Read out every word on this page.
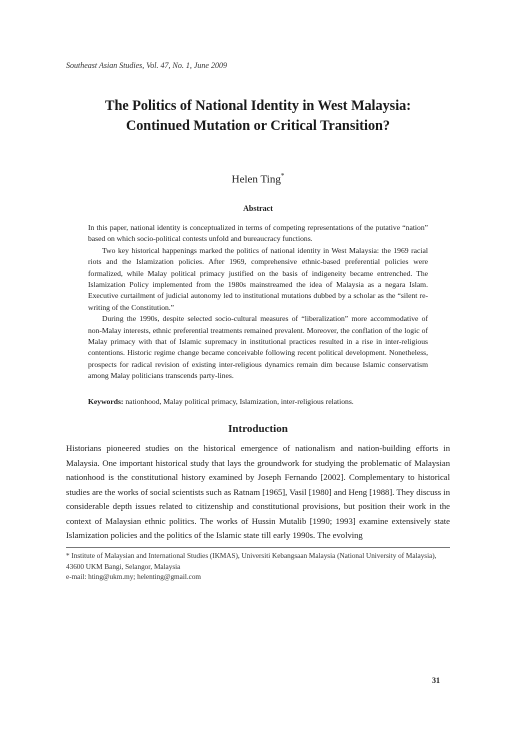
Southeast Asian Studies, Vol. 47, No. 1, June 2009
The Politics of National Identity in West Malaysia:
Continued Mutation or Critical Transition?
Helen Ting*
Abstract

In this paper, national identity is conceptualized in terms of competing representations of the putative “nation” based on which socio-political contests unfold and bureaucracy functions.

Two key historical happenings marked the politics of national identity in West Malaysia: the 1969 racial riots and the Islamization policies. After 1969, comprehensive ethnic-based preferential policies were formalized, while Malay political primacy justified on the basis of indigeneity became entrenched. The Islamization Policy implemented from the 1980s mainstreamed the idea of Malaysia as a negara Islam. Executive curtailment of judicial autonomy led to institutional mutations dubbed by a scholar as the “silent re-writing of the Constitution.”

During the 1990s, despite selected socio-cultural measures of “liberalization” more accommodative of non-Malay interests, ethnic preferential treatments remained prevalent. Moreover, the conflation of the logic of Malay primacy with that of Islamic supremacy in institutional practices resulted in a rise in inter-religious contentions. Historic regime change became conceivable following recent political development. Nonetheless, prospects for radical revision of existing inter-religious dynamics remain dim because Islamic conservatism among Malay politicians transcends party-lines.

Keywords: nationhood, Malay political primacy, Islamization, inter-religious relations.
Introduction

Historians pioneered studies on the historical emergence of nationalism and nation-building efforts in Malaysia. One important historical study that lays the groundwork for studying the problematic of Malaysian nationhood is the constitutional history examined by Joseph Fernando [2002]. Complementary to historical studies are the works of social scientists such as Ratnam [1965], Vasil [1980] and Heng [1988]. They discuss in considerable depth issues related to citizenship and constitutional provisions, but position their work in the context of Malaysian ethnic politics. The works of Hussin Mutalib [1990; 1993] examine extensively state Islamization policies and the politics of the Islamic state till early 1990s. The evolving

* Institute of Malaysian and International Studies (IKMAS), Universiti Kebangsaan Malaysia (National University of Malaysia), 43600 UKM Bangi, Selangor, Malaysia

e-mail: hting@ukm.my; helenting@gmail.com

31
